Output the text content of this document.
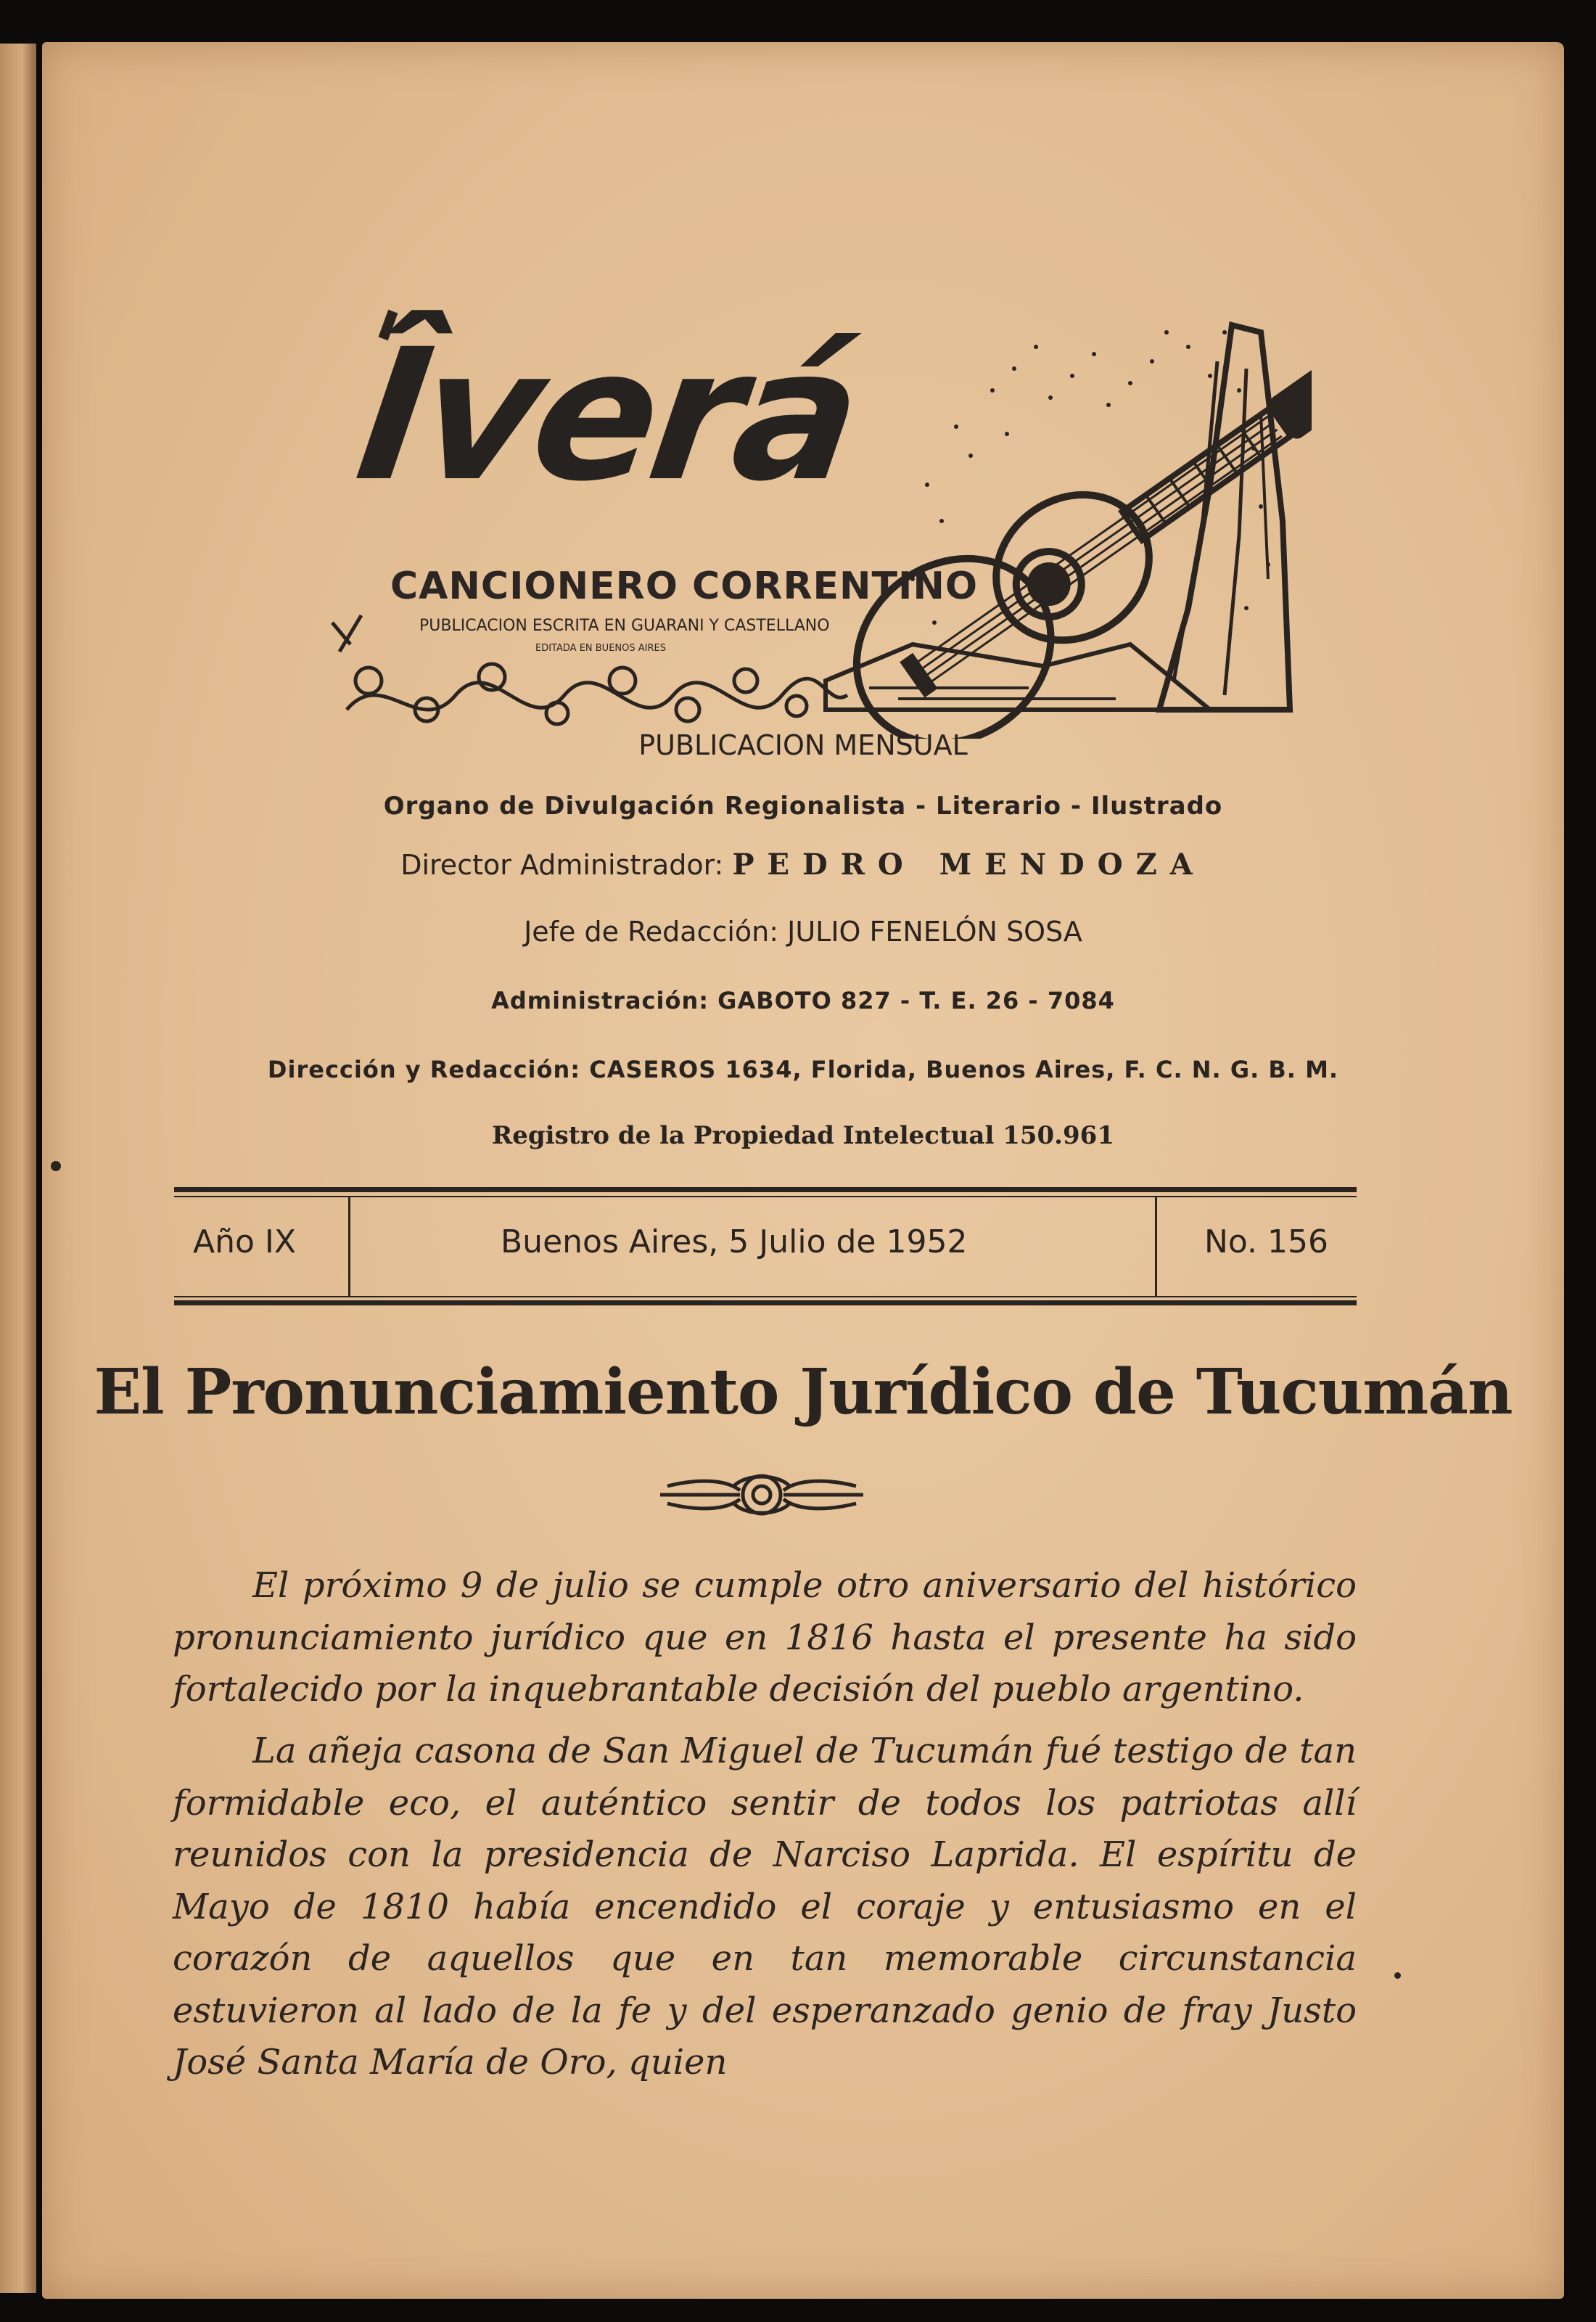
Îverá
CANCIONERO CORRENTINO
PUBLICACION ESCRITA EN GUARANI Y CASTELLANO
EDITADA EN BUENOS AIRES
PUBLICACION MENSUAL
Organo de Divulgación Regionalista - Literario - Ilustrado
Director Administrador: PEDRO MENDOZA
Jefe de Redacción: JULIO FENELÓN SOSA
Administración: GABOTO 827 - T. E. 26 - 7084
Dirección y Redacción: CASEROS 1634, Florida, Buenos Aires, F. C. N. G. B. M.
Registro de la Propiedad Intelectual 150.961
Año IX	Buenos Aires, 5 Julio de 1952	No. 156
El Pronunciamiento Jurídico de Tucumán

El próximo 9 de julio se cumple otro aniversario del histórico pronunciamiento jurídico que en 1816 hasta el presente ha sido fortalecido por la inquebrantable decisión del pueblo argentino.

La añeja casona de San Miguel de Tucumán fué testigo de tan formidable eco, el auténtico sentir de todos los patriotas allí reunidos con la presidencia de Narciso Laprida. El espíritu de Mayo de 1810 había encendido el coraje y entusiasmo en el corazón de aquellos que en tan memorable circunstancia estuvieron al lado de la fe y del esperanzado genio de fray Justo José Santa María de Oro, quien
